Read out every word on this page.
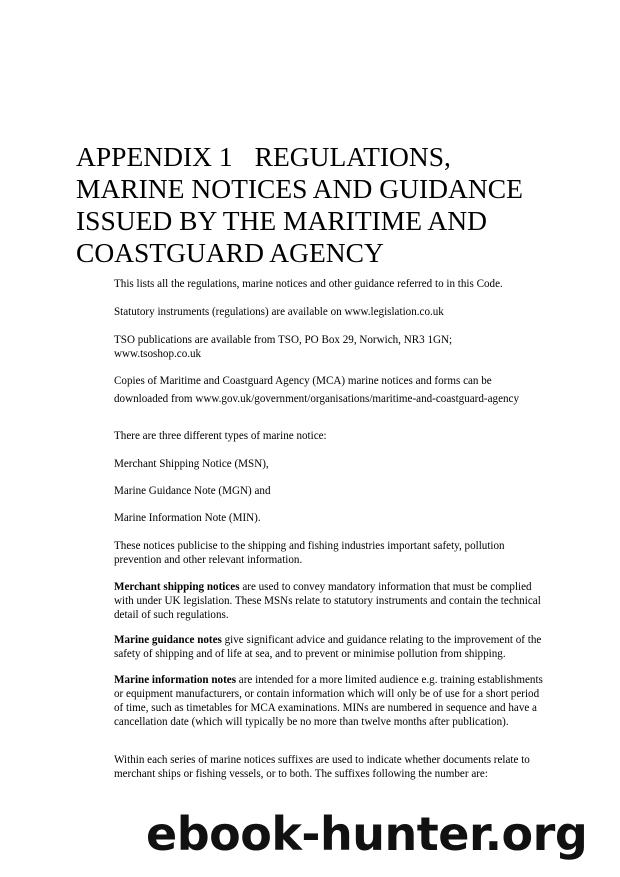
APPENDIX 1 REGULATIONS,
MARINE NOTICES AND GUIDANCE
ISSUED BY THE MARITIME AND
COASTGUARD AGENCY

This lists all the regulations, marine notices and other guidance referred to in this Code.

Statutory instruments (regulations) are available on www.legislation.co.uk

TSO publications are available from TSO, PO Box 29, Norwich, NR3 1GN;

www.tsoshop.co.uk

Copies of Maritime and Coastguard Agency (MCA) marine notices and forms can be

downloaded from www.gov.uk/government/organisations/maritime-and-coastguard-agency

There are three different types of marine notice:

Merchant Shipping Notice (MSN),

Marine Guidance Note (MGN) and

Marine Information Note (MIN).

These notices publicise to the shipping and fishing industries important safety, pollution prevention and other relevant information.

Merchant shipping notices are used to convey mandatory information that must be complied with under UK legislation. These MSNs relate to statutory instruments and contain the technical detail of such regulations.

Marine guidance notes give significant advice and guidance relating to the improvement of the safety of shipping and of life at sea, and to prevent or minimise pollution from shipping.

Marine information notes are intended for a more limited audience e.g. training establishments or equipment manufacturers, or contain information which will only be of use for a short period of time, such as timetables for MCA examinations. MINs are numbered in sequence and have a cancellation date (which will typically be no more than twelve months after publication).

Within each series of marine notices suffixes are used to indicate whether documents relate to merchant ships or fishing vessels, or to both. The suffixes following the number are:

ebook-hunter.org
